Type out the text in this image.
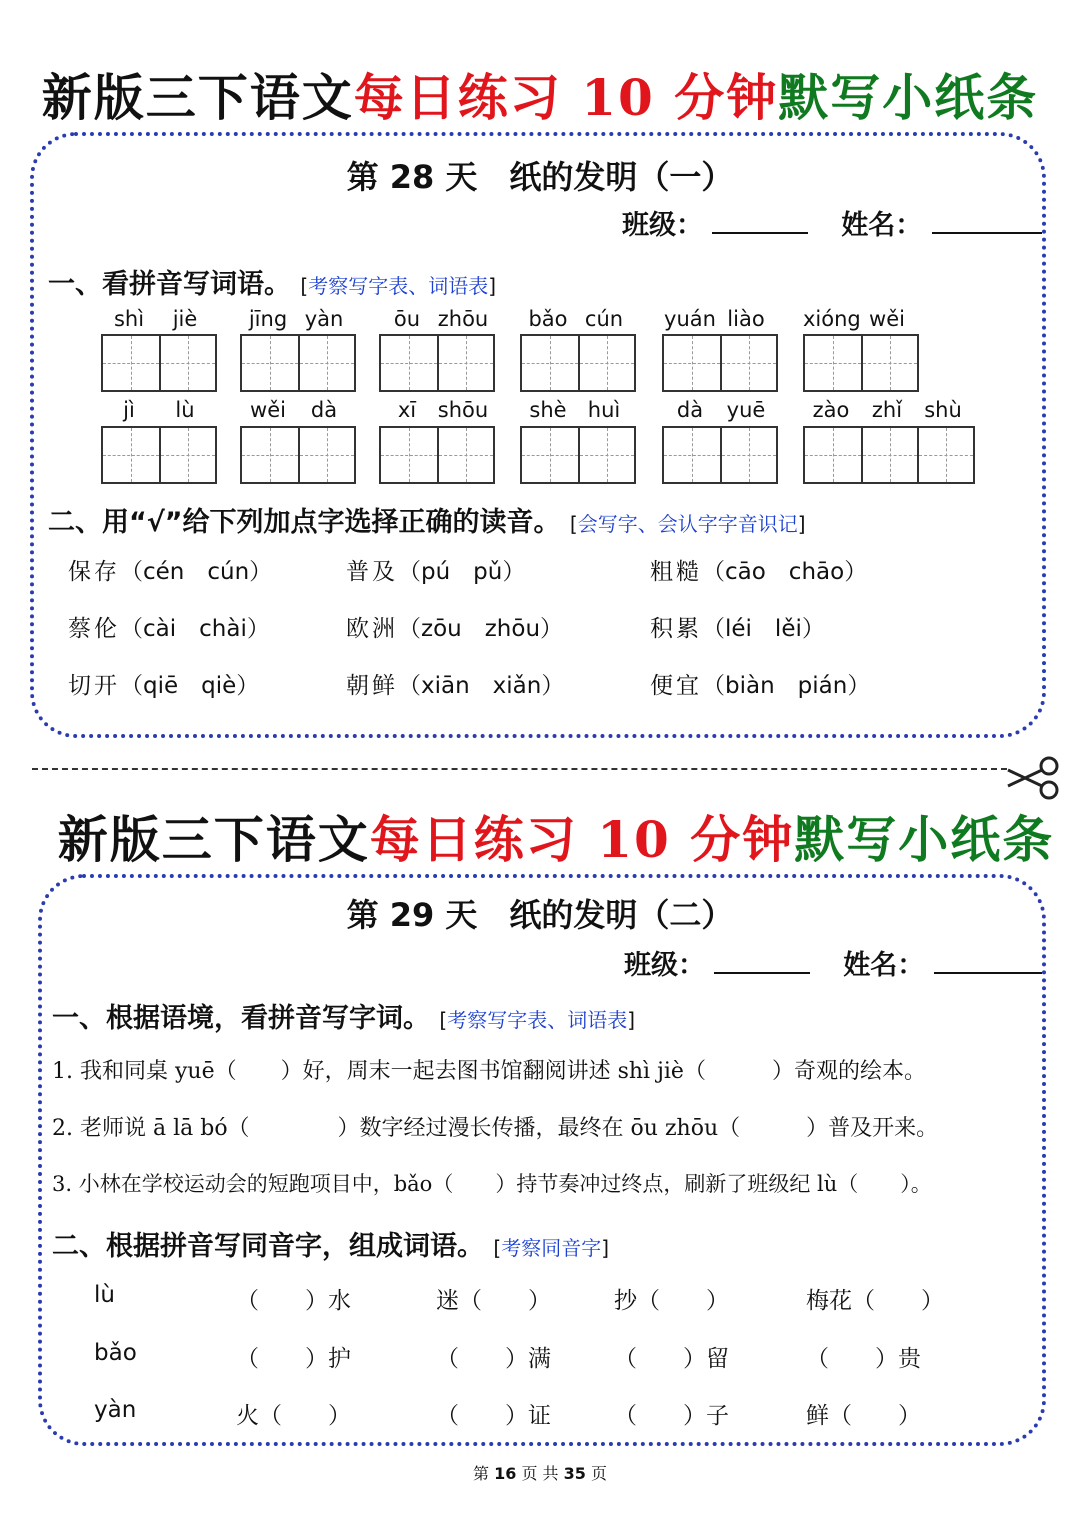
新版三下语文每日练习 10 分钟默写小纸条
第 28 天 纸的发明（一）
班级：	姓名：
一、看拼音写词语。 [考察写字表、词语表]
shì	jiè	jīng yàn	ōu zhōu	bǎo cún	yuán liào	xióng wěi
jì	lù	wěi	dà	xī	shōu	shè	huì	dà	yuē	zào	zhǐ	shù
二、用“√”给下列加点字选择正确的读音。 [会写字、会认字字音识记]
保存（cén　cún）	普及（pú　pǔ）	粗糙（cāo　chāo）
蔡伦（cài　chài）	欧洲（zōu　zhōu）	积累（léi　lěi）
切开（qiē　qiè）	朝鲜（xiān　xiǎn）	便宜（biàn　pián）
新版三下语文每日练习 10 分钟默写小纸条
第 29 天 纸的发明（二）
班级：	姓名：
一、根据语境，看拼音写字词。 [考察写字表、词语表]
1. 我和同桌 yuē（　　）好，周末一起去图书馆翻阅讲述 shì jiè（　　　）奇观的绘本。
2. 老师说 ā lā bó（　　　　）数字经过漫长传播，最终在 ōu zhōu（　　　）普及开来。
3. 小林在学校运动会的短跑项目中，bǎo（　　）持节奏冲过终点，刷新了班级纪 lù（　　）。
二、根据拼音写同音字，组成词语。 [考察同音字]
lù	（　　）水	迷（　　）	抄（　　）	梅花（　　）
bǎo	（　　）护	（　　）满	（　　）留	（　　）贵
yàn	火（　　）	（　　）证	（　　）子	鲜（　　）
第 16 页 共 35 页
